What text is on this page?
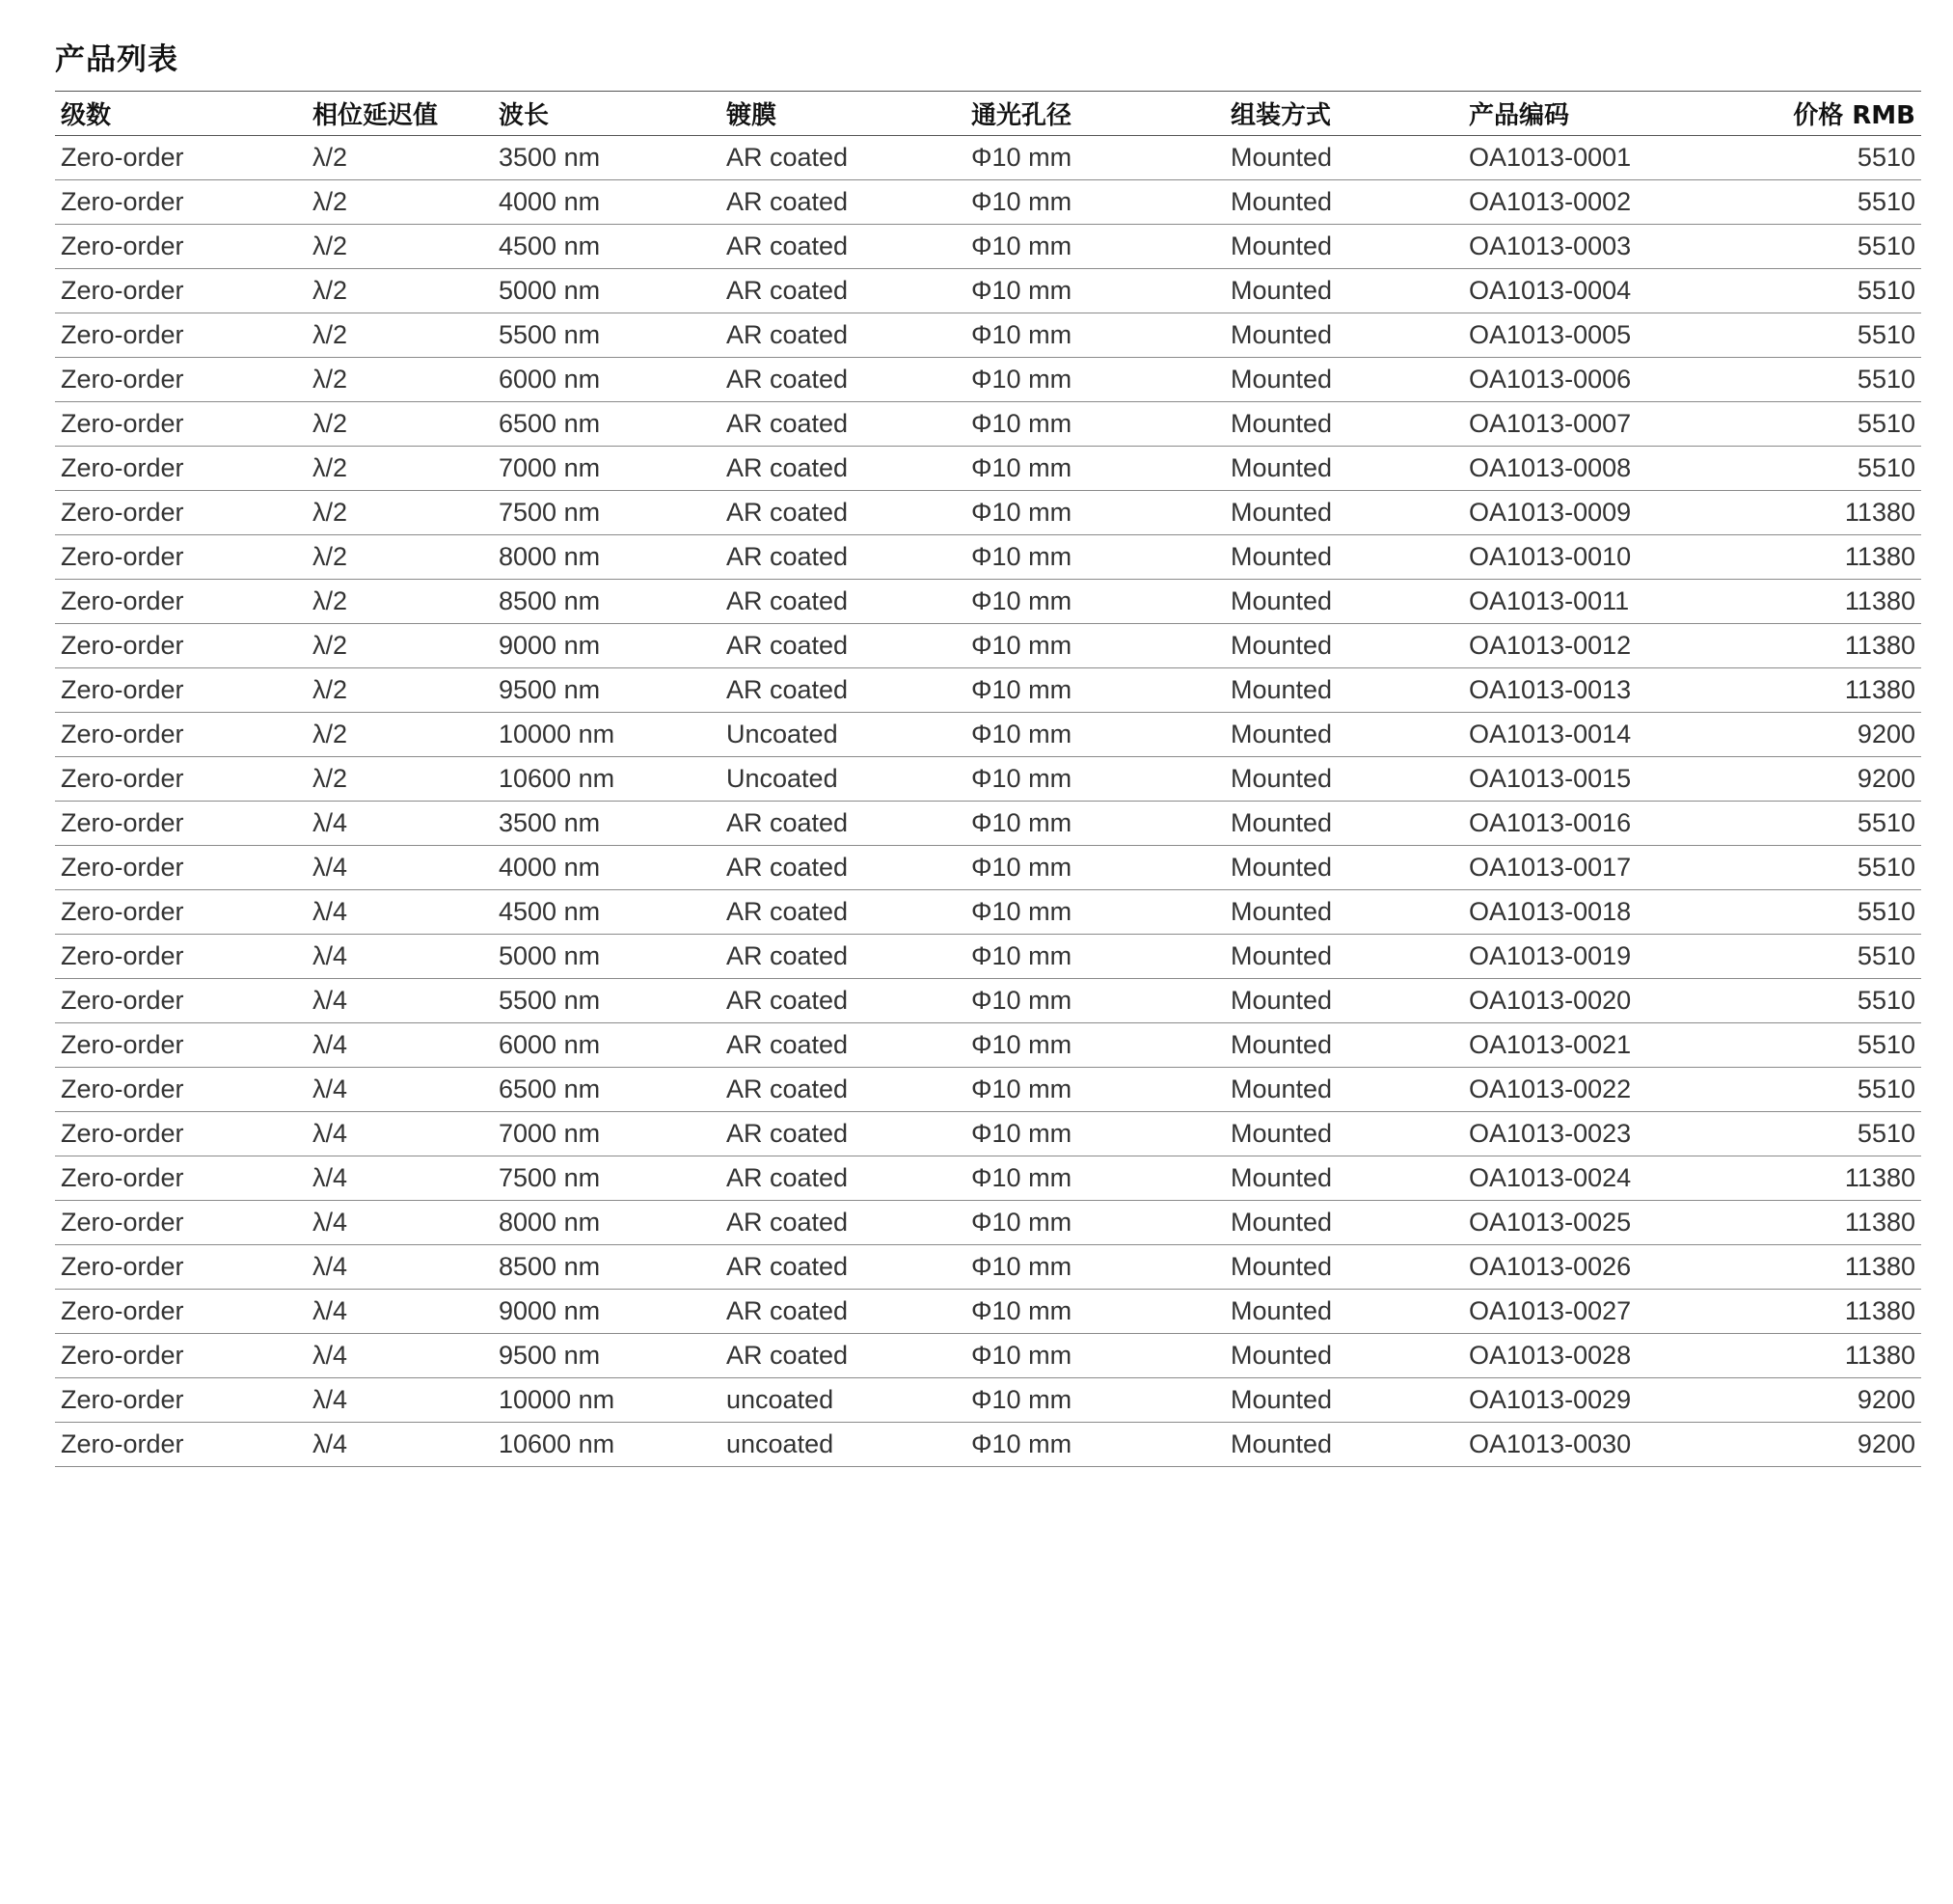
产品列表
级数	相位延迟值	波长	镀膜	通光孔径	组装方式	产品编码	价格 RMB
Zero-order	λ/2	3500 nm	AR coated	Φ10 mm	Mounted	OA1013-0001	5510
Zero-order	λ/2	4000 nm	AR coated	Φ10 mm	Mounted	OA1013-0002	5510
Zero-order	λ/2	4500 nm	AR coated	Φ10 mm	Mounted	OA1013-0003	5510
Zero-order	λ/2	5000 nm	AR coated	Φ10 mm	Mounted	OA1013-0004	5510
Zero-order	λ/2	5500 nm	AR coated	Φ10 mm	Mounted	OA1013-0005	5510
Zero-order	λ/2	6000 nm	AR coated	Φ10 mm	Mounted	OA1013-0006	5510
Zero-order	λ/2	6500 nm	AR coated	Φ10 mm	Mounted	OA1013-0007	5510
Zero-order	λ/2	7000 nm	AR coated	Φ10 mm	Mounted	OA1013-0008	5510
Zero-order	λ/2	7500 nm	AR coated	Φ10 mm	Mounted	OA1013-0009	11380
Zero-order	λ/2	8000 nm	AR coated	Φ10 mm	Mounted	OA1013-0010	11380
Zero-order	λ/2	8500 nm	AR coated	Φ10 mm	Mounted	OA1013-0011	11380
Zero-order	λ/2	9000 nm	AR coated	Φ10 mm	Mounted	OA1013-0012	11380
Zero-order	λ/2	9500 nm	AR coated	Φ10 mm	Mounted	OA1013-0013	11380
Zero-order	λ/2	10000 nm	Uncoated	Φ10 mm	Mounted	OA1013-0014	9200
Zero-order	λ/2	10600 nm	Uncoated	Φ10 mm	Mounted	OA1013-0015	9200
Zero-order	λ/4	3500 nm	AR coated	Φ10 mm	Mounted	OA1013-0016	5510
Zero-order	λ/4	4000 nm	AR coated	Φ10 mm	Mounted	OA1013-0017	5510
Zero-order	λ/4	4500 nm	AR coated	Φ10 mm	Mounted	OA1013-0018	5510
Zero-order	λ/4	5000 nm	AR coated	Φ10 mm	Mounted	OA1013-0019	5510
Zero-order	λ/4	5500 nm	AR coated	Φ10 mm	Mounted	OA1013-0020	5510
Zero-order	λ/4	6000 nm	AR coated	Φ10 mm	Mounted	OA1013-0021	5510
Zero-order	λ/4	6500 nm	AR coated	Φ10 mm	Mounted	OA1013-0022	5510
Zero-order	λ/4	7000 nm	AR coated	Φ10 mm	Mounted	OA1013-0023	5510
Zero-order	λ/4	7500 nm	AR coated	Φ10 mm	Mounted	OA1013-0024	11380
Zero-order	λ/4	8000 nm	AR coated	Φ10 mm	Mounted	OA1013-0025	11380
Zero-order	λ/4	8500 nm	AR coated	Φ10 mm	Mounted	OA1013-0026	11380
Zero-order	λ/4	9000 nm	AR coated	Φ10 mm	Mounted	OA1013-0027	11380
Zero-order	λ/4	9500 nm	AR coated	Φ10 mm	Mounted	OA1013-0028	11380
Zero-order	λ/4	10000 nm	uncoated	Φ10 mm	Mounted	OA1013-0029	9200
Zero-order	λ/4	10600 nm	uncoated	Φ10 mm	Mounted	OA1013-0030	9200
